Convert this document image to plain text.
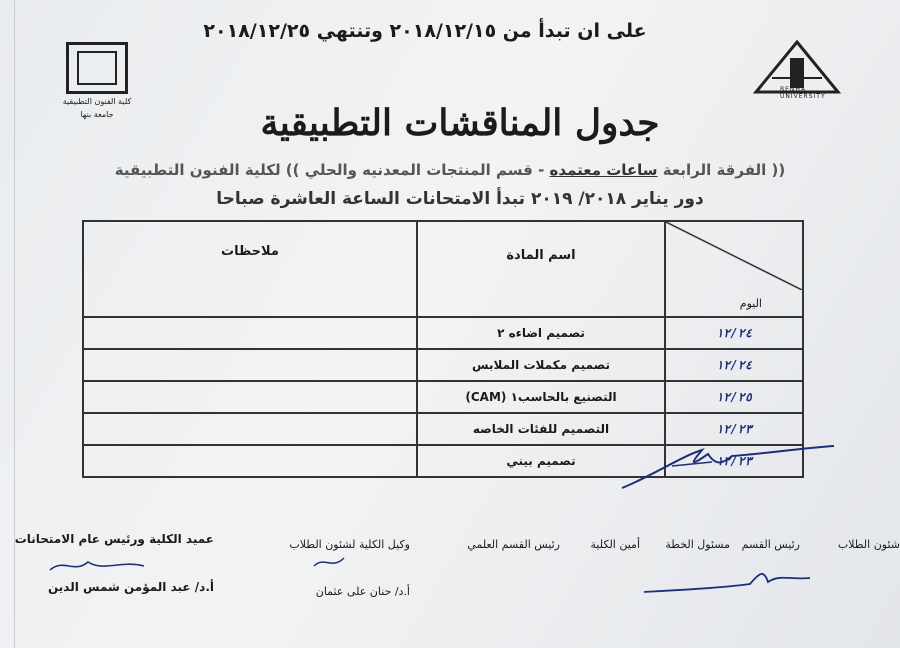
على ان تبدأ من ٢٠١٨/١٢/١٥ وتنتهي ٢٠١٨/١٢/٢٥
كلية الفنون التطبيقية
جامعة بنها
BENHA UNIVERSITY
جدول المناقشات التطبيقية
(( الفرقة الرابعة ساعات معتمده - قسم المنتجات المعدنيه والحلي )) لكلية الفنون التطبيقية
دور يناير ٢٠١٨/ ٢٠١٩ تبدأ الامتحانات الساعة العاشرة صباحا
اليوم	اسم المادة	ملاحظات
١٢/٢٤	تصميم اضاءه ٢	
١٢/٢٤	تصميم مكملات الملابس	
١٢/٢٥	التصنيع بالحاسب١ (CAM)	
١٢/٢٣	التصميم للفئات الخاصه	
١٢/٢٣	تصميم بيني	
شئون الطلاب
رئيس القسم
مسئول الخطة
أمين الكلية
رئيس القسم العلمي
وكيل الكلية لشئون الطلاب
أ.د/ حنان على عثمان
عميد الكلية ورئيس عام الامتحانات
أ.د/ عبد المؤمن شمس الدين
